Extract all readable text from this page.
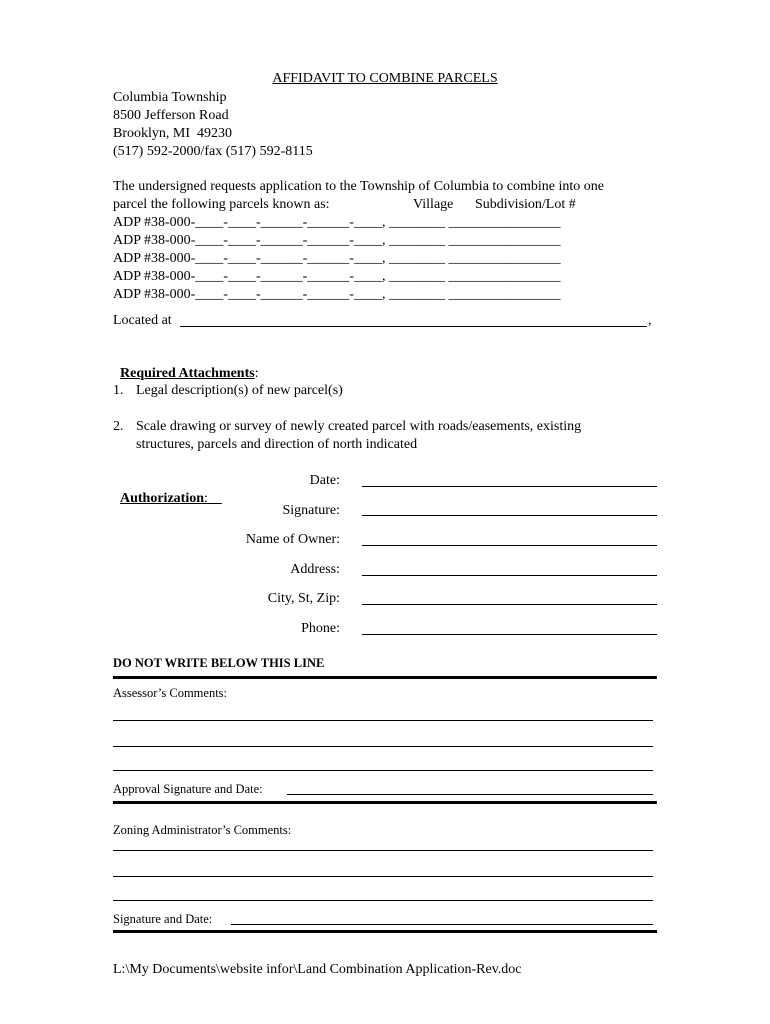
AFFIDAVIT TO COMBINE PARCELS
Columbia Township
8500 Jefferson Road
Brooklyn, MI  49230
(517) 592-2000/fax (517) 592-8115
The undersigned requests application to the Township of Columbia to combine into one
parcel the following parcels known as:	Village Subdivision/Lot #
ADP #38-000-____-____-______-______-____, ________ ________________
ADP #38-000-____-____-______-______-____, ________ ________________
ADP #38-000-____-____-______-______-____, ________ ________________
ADP #38-000-____-____-______-______-____, ________ ________________
ADP #38-000-____-____-______-______-____, ________ ________________
Located at	,

Required Attachments:

1. Legal description(s) of new parcel(s)
2. Scale drawing or survey of newly created parcel with roads/easements, existing
structures, parcels and direction of north indicated

Authorization:

Date:
Signature:
Name of Owner:
Address:
City, St, Zip:
Phone:
DO NOT WRITE BELOW THIS LINE
Assessor’s Comments:
Approval Signature and Date:
Zoning Administrator’s Comments:
Signature and Date:
L:\My Documents\website infor\Land Combination Application-Rev.doc
